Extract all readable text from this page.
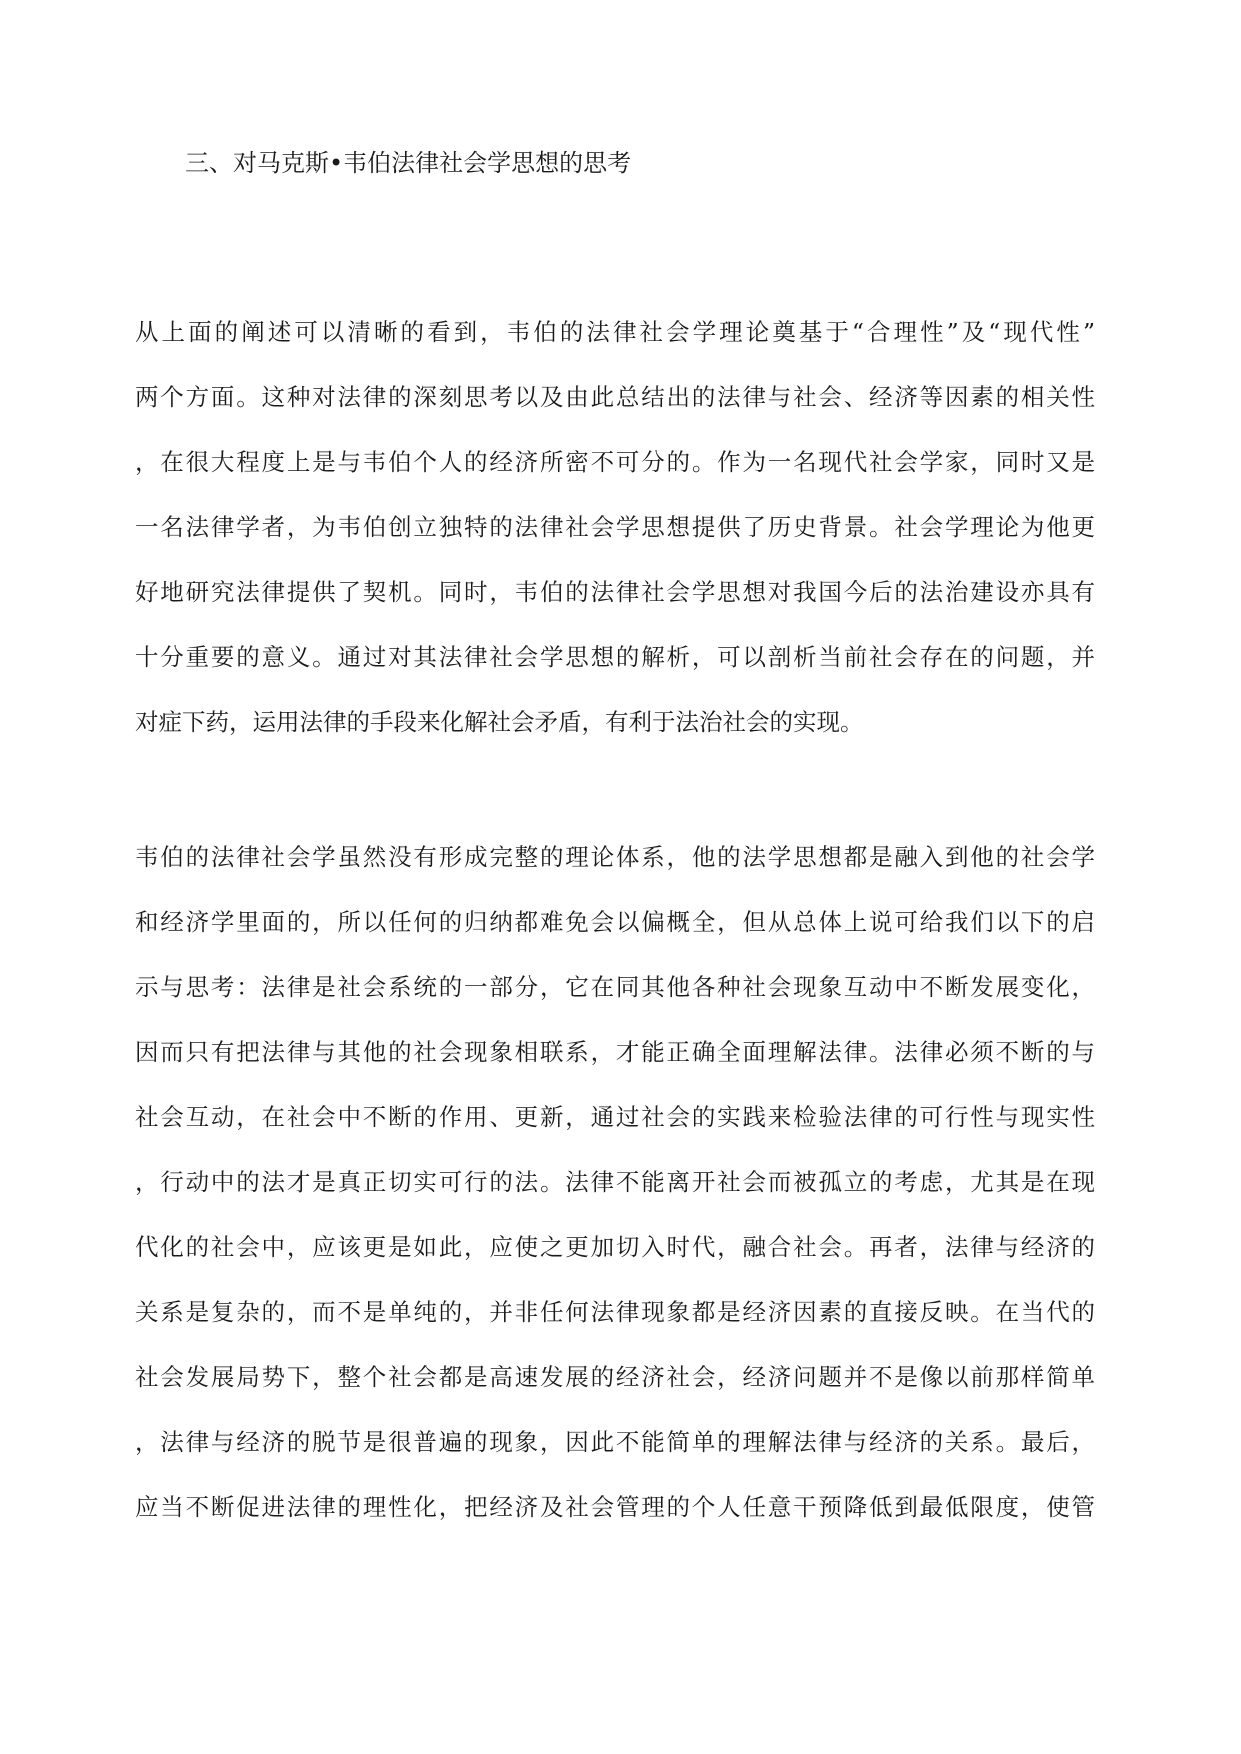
三、对马克斯•韦伯法律社会学思想的思考
从上面的阐述可以清晰的看到，韦伯的法律社会学理论奠基于“合理性”及“现代性”
两个方面。这种对法律的深刻思考以及由此总结出的法律与社会、经济等因素的相关性
，在很大程度上是与韦伯个人的经济所密不可分的。作为一名现代社会学家，同时又是
一名法律学者，为韦伯创立独特的法律社会学思想提供了历史背景。社会学理论为他更
好地研究法律提供了契机。同时，韦伯的法律社会学思想对我国今后的法治建设亦具有
十分重要的意义。通过对其法律社会学思想的解析，可以剖析当前社会存在的问题，并
对症下药，运用法律的手段来化解社会矛盾，有利于法治社会的实现。
韦伯的法律社会学虽然没有形成完整的理论体系，他的法学思想都是融入到他的社会学
和经济学里面的，所以任何的归纳都难免会以偏概全，但从总体上说可给我们以下的启
示与思考：法律是社会系统的一部分，它在同其他各种社会现象互动中不断发展变化，
因而只有把法律与其他的社会现象相联系，才能正确全面理解法律。法律必须不断的与
社会互动，在社会中不断的作用、更新，通过社会的实践来检验法律的可行性与现实性
，行动中的法才是真正切实可行的法。法律不能离开社会而被孤立的考虑，尤其是在现
代化的社会中，应该更是如此，应使之更加切入时代，融合社会。再者，法律与经济的
关系是复杂的，而不是单纯的，并非任何法律现象都是经济因素的直接反映。在当代的
社会发展局势下，整个社会都是高速发展的经济社会，经济问题并不是像以前那样简单
，法律与经济的脱节是很普遍的现象，因此不能简单的理解法律与经济的关系。最后，
应当不断促进法律的理性化，把经济及社会管理的个人任意干预降低到最低限度，使管
